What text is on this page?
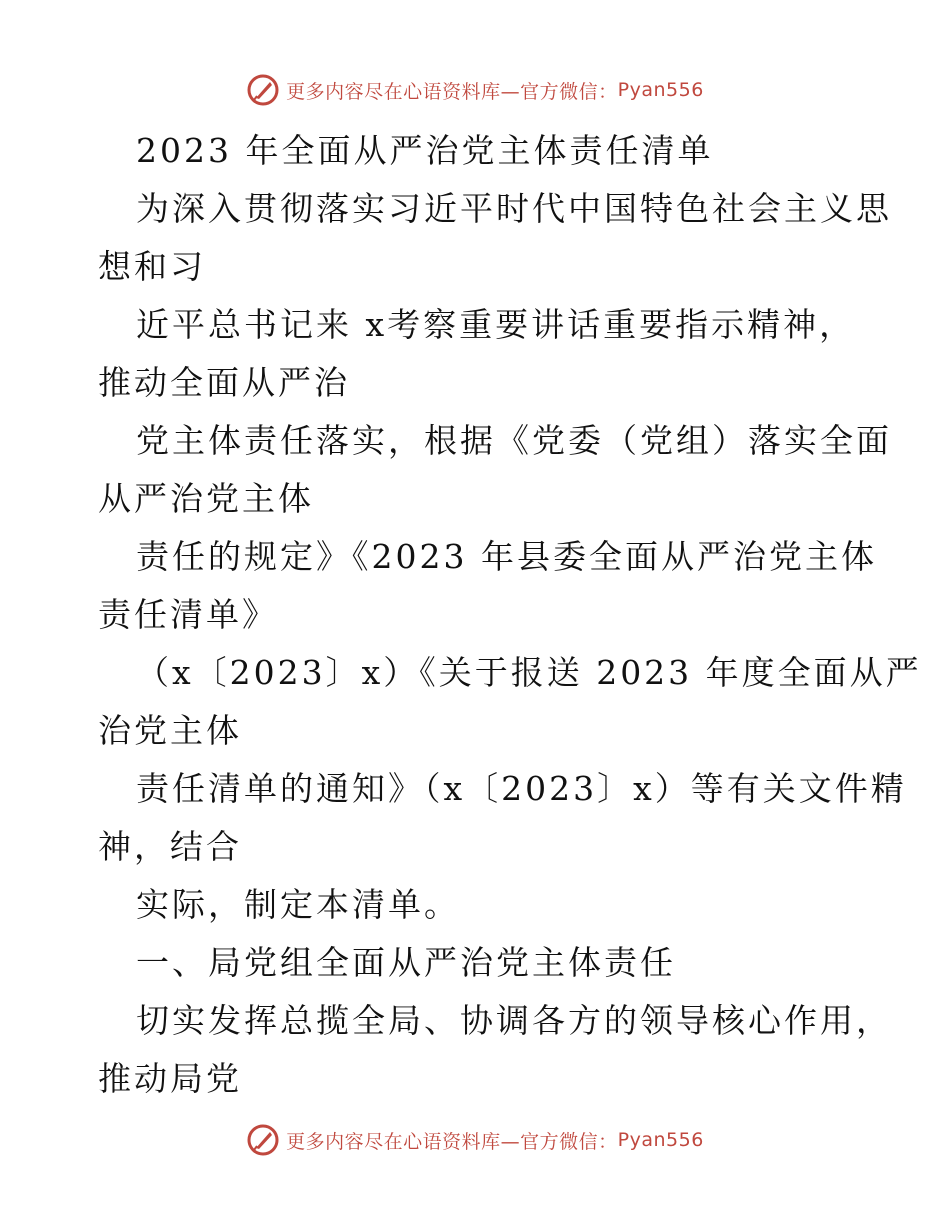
更多内容尽在心语资料库—官方微信： Pyan556
2023 年全面从严治党主体责任清单
为深入贯彻落实习近平时代中国特色社会主义思
想和习
近平总书记来 x考察重要讲话重要指示精神，
推动全面从严治
党主体责任落实，根据《党委（党组）落实全面
从严治党主体
责任的规定》《2023 年县委全面从严治党主体
责任清单》
（x〔2023〕x）《关于报送 2023 年度全面从严
治党主体
责任清单的通知》（x〔2023〕x）等有关文件精
神，结合
实际，制定本清单。
一、局党组全面从严治党主体责任
切实发挥总揽全局、协调各方的领导核心作用，
推动局党
更多内容尽在心语资料库—官方微信： Pyan556
